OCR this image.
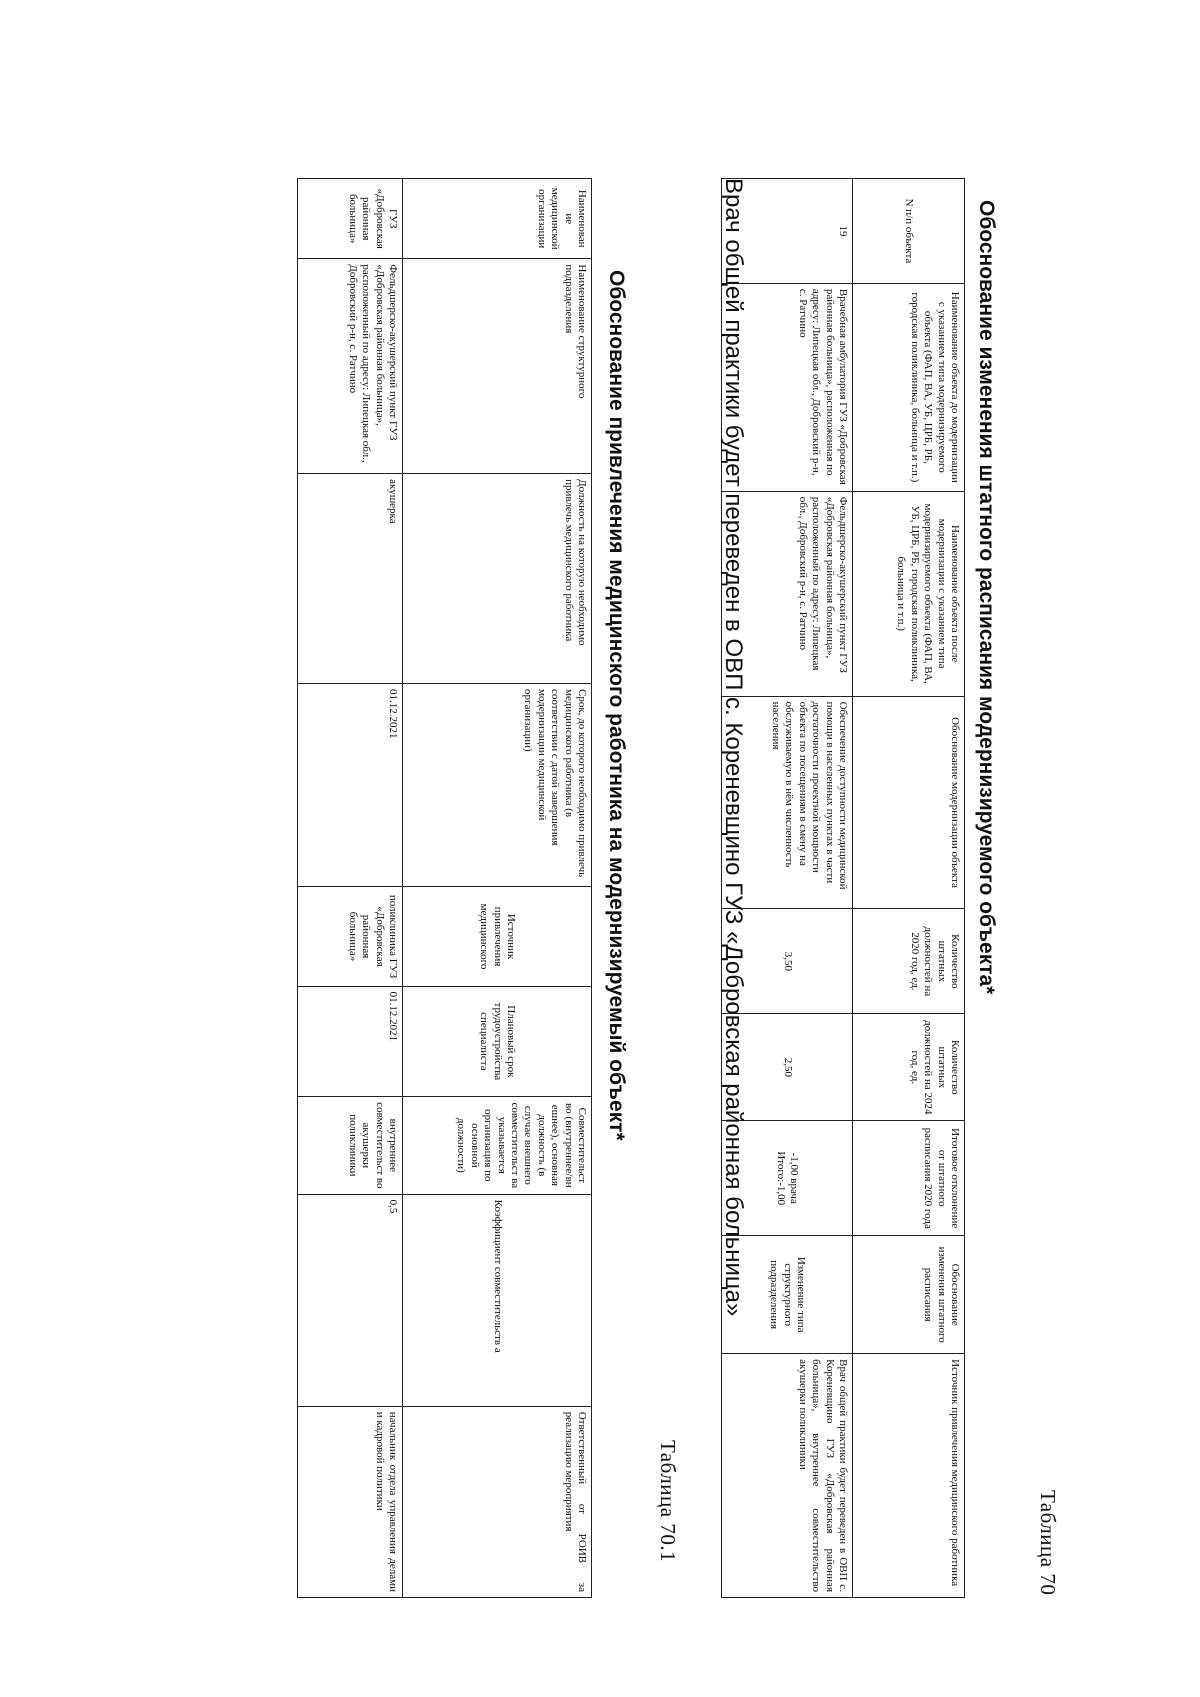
Таблица 70
Обоснование изменения штатного расписания модернизируемого объекта*
N п/п объекта	Наименование объекта до модернизации с указанием типа модернизируемого объекта (ФАП, ВА, УБ, ЦРБ, РБ, городская поликлиника, больница и т.п.)	Наименование объекта после модернизации с указанием типа модернизируемого объекта (ФАП, ВА, УБ, ЦРБ, РБ, городская поликлиника, больница и т.п.)	Обоснование модернизации объекта	Количество штатных должностей на 2020 год, ед.	Количество штатных должностей на 2024 год, ед.	Итоговое отклонение от штатного расписания 2020 года	Обоснование изменения штатного расписания	Источник привлечения медицинского работника
19	Врачебная амбулатория ГУЗ «Добровская районная больница», расположенная по адресу: Липецкая обл., Добровский р-н, с. Ратчино	Фельдшерско-акушерский пункт ГУЗ «Добровская районная больница», расположенный по адресу: Липецкая обл., Добровский р-н, с. Ратчино	Обеспечение доступности медицинской помощи в населенных пунктах в части достаточности проектной мощности объекта по посещениям в смену на обслуживаемую в нём численность населения	3,50	2,50	-1,00 врача Итого:-1,00	Изменение типа структурного подразделения	Врач общей практики будет переведен в ОВП с. Кореневщино ГУЗ «Добровская районная больница», внутреннее совместительство акушерки поликлиники
Врач общей практики будет переведен в ОВП с. Кореневщино ГУЗ «Добровская районная больница»
Таблица 70.1
Обоснование привлечения медицинского работника на модернизируемый объект*
Наименован ие медицинской организации	Наименование структурного подразделения	Должность на которую необходимо привлечь медицинского работника	Срок, до которого необходимо привлечь медицинского работника (в соответствии с датой завершения модернизации медицинской организации)	Источник привлечения медицинского	Плановый срок трудоустройства специалиста	Совместительст во (внутреннее/вн ешнее), основная должность (в случае внешнего совместительст ва указывается организация по основной должности)	Коэффициент совместительств а	Ответственный от РОИВ за реализацию мероприятия
ГУЗ «Добровская районная больница»	Фельдшерско-акушерский пункт ГУЗ «Добровская районная больница», расположенный по адресу: Липецкая обл., Добровский р-н, с. Ратчино	акушерка	01.12.2021	поликлиника ГУЗ «Добровская районная больница»	01.12.2021	внутреннее совместительст во акушерки поликлиники	0,5	начальник отдела управления делами и кадровой политики
